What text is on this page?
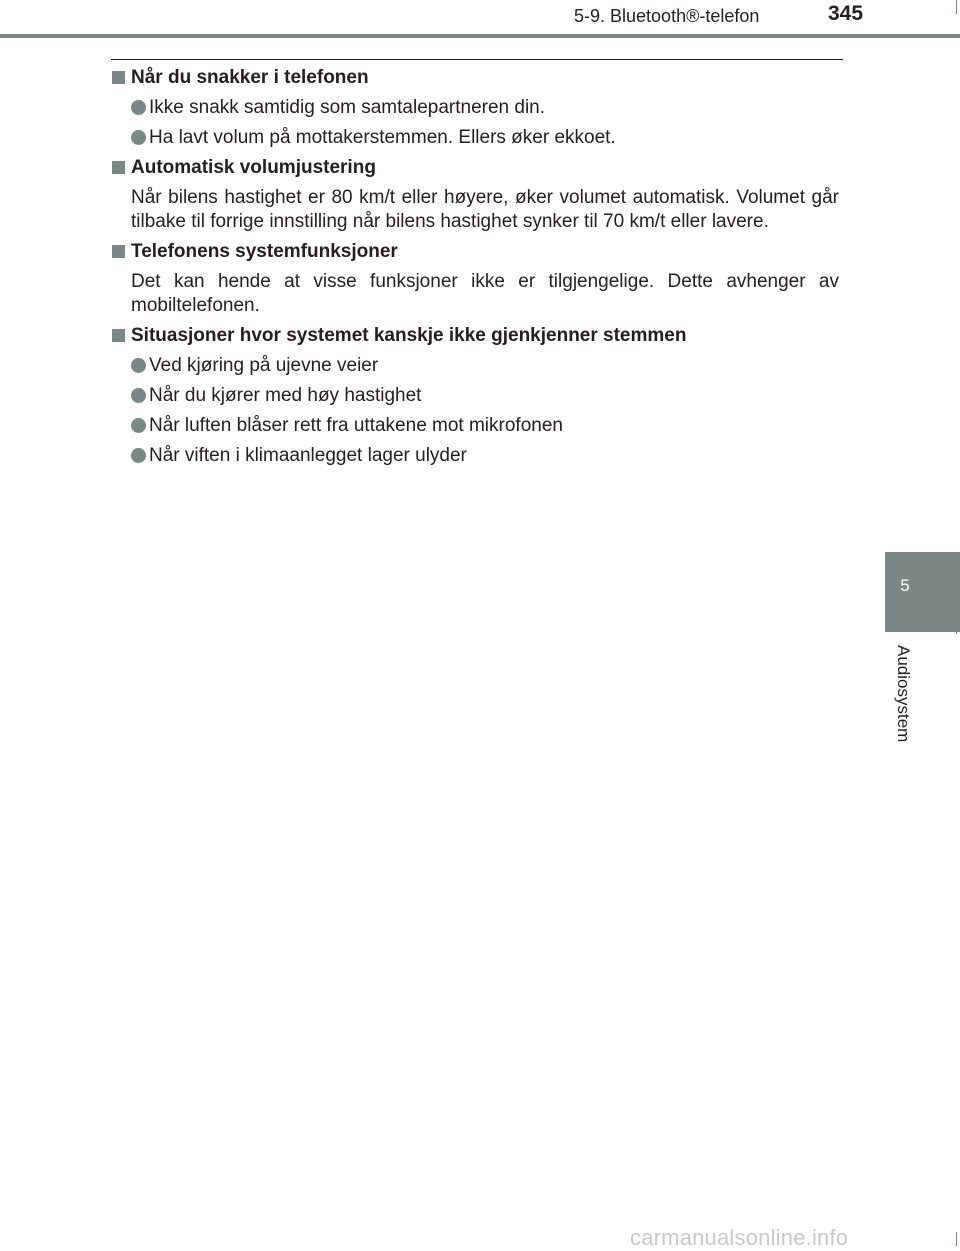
5-9. Bluetooth®-telefon	345
Når du snakker i telefonen
Ikke snakk samtidig som samtalepartneren din.
Ha lavt volum på mottakerstemmen. Ellers øker ekkoet.
Automatisk volumjustering
Når bilens hastighet er 80 km/t eller høyere, øker volumet automatisk. Volumet går tilbake til forrige innstilling når bilens hastighet synker til 70 km/t eller lavere.
Telefonens systemfunksjoner
Det kan hende at visse funksjoner ikke er tilgjengelige. Dette avhenger av mobiltelefonen.
Situasjoner hvor systemet kanskje ikke gjenkjenner stemmen
Ved kjøring på ujevne veier
Når du kjører med høy hastighet
Når luften blåser rett fra uttakene mot mikrofonen
Når viften i klimaanlegget lager ulyder
5
Audiosystem
carmanualsonline.info
